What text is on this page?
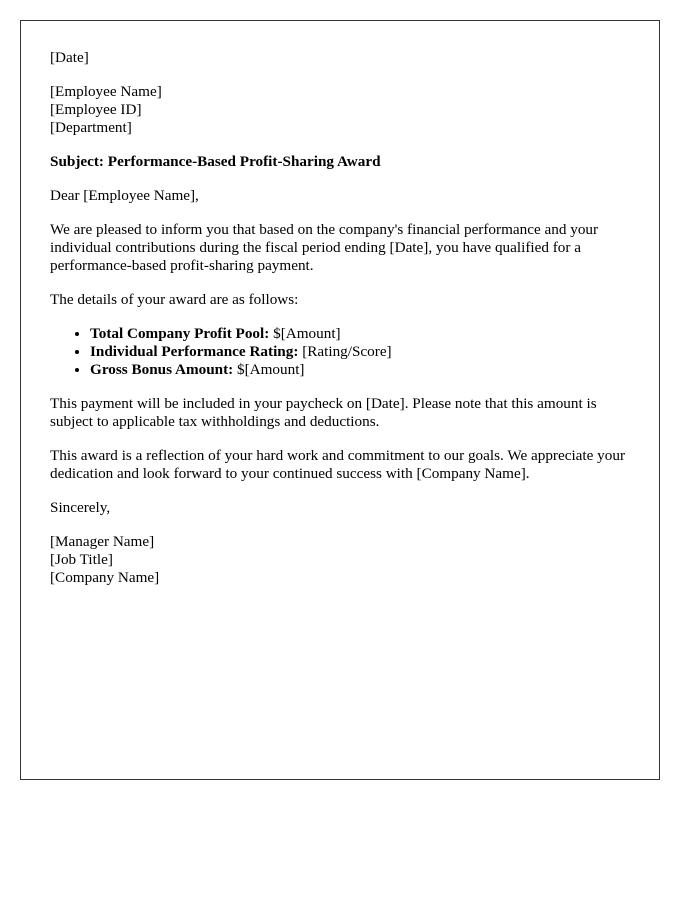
[Date]

[Employee Name]
[Employee ID]
[Department]

Subject: Performance-Based Profit-Sharing Award

Dear [Employee Name],

We are pleased to inform you that based on the company's financial performance and your individual contributions during the fiscal period ending [Date], you have qualified for a performance-based profit-sharing payment.

The details of your award are as follows:

• Total Company Profit Pool: $[Amount]
• Individual Performance Rating: [Rating/Score]
• Gross Bonus Amount: $[Amount]

This payment will be included in your paycheck on [Date]. Please note that this amount is subject to applicable tax withholdings and deductions.

This award is a reflection of your hard work and commitment to our goals. We appreciate your dedication and look forward to your continued success with [Company Name].

Sincerely,

[Manager Name]
[Job Title]
[Company Name]
